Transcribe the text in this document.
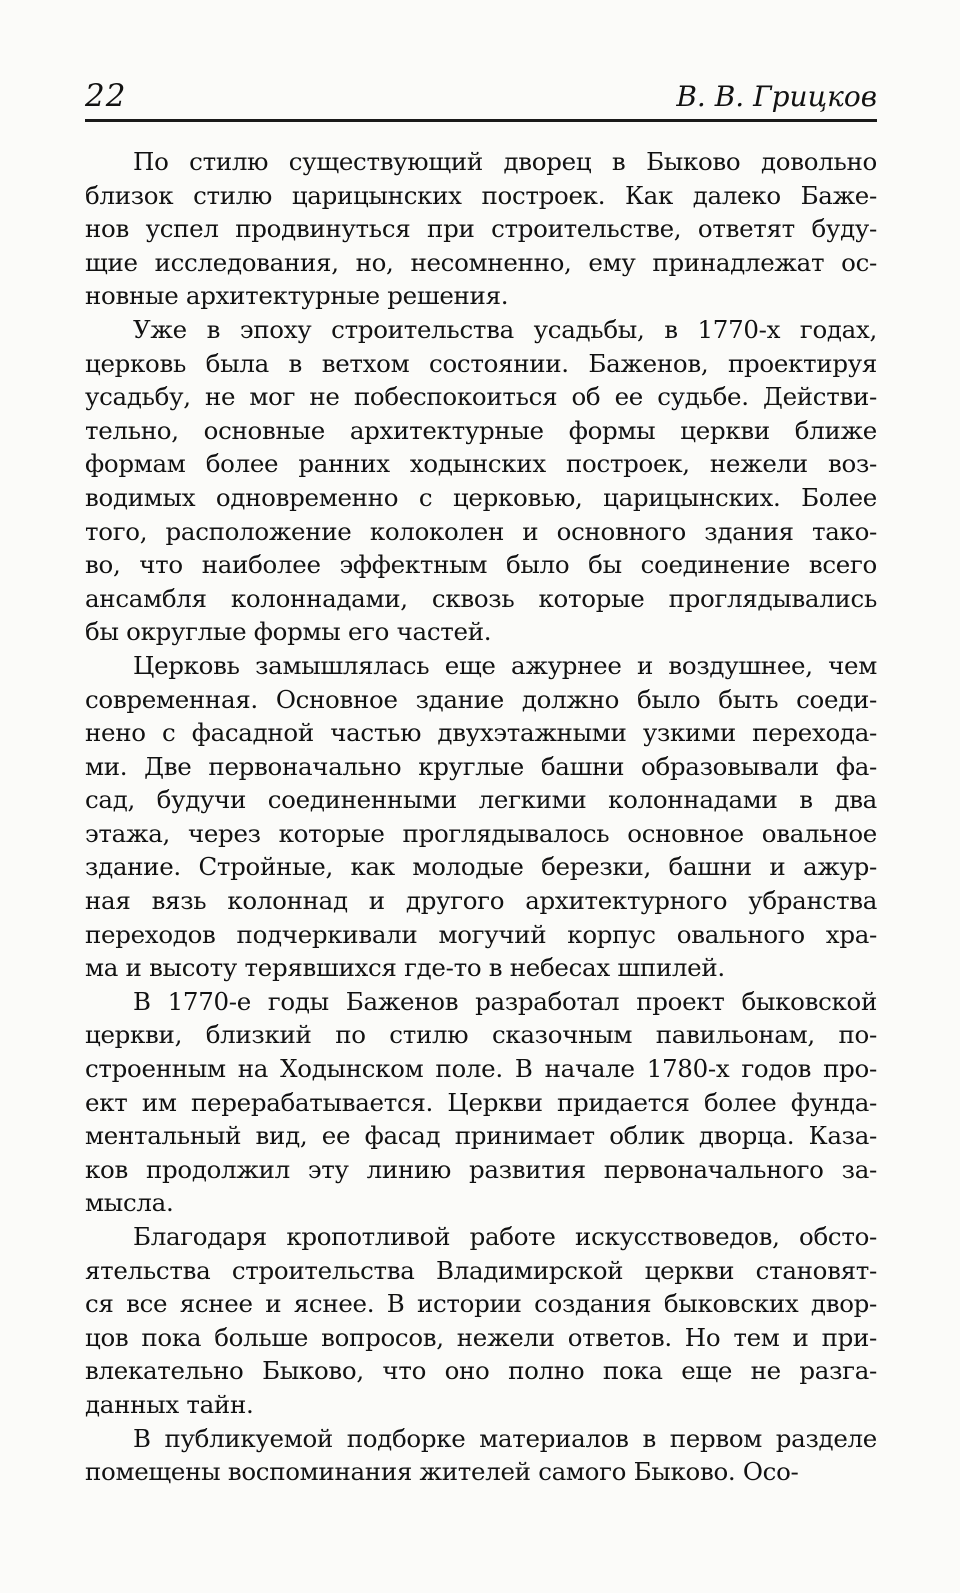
22	В. В. Грицков
По стилю существующий дворец в Быково довольно
близок стилю царицынских построек. Как далеко Баже-
нов успел продвинуться при строительстве, ответят буду-
щие исследования, но, несомненно, ему принадлежат ос-
новные архитектурные решения.
Уже в эпоху строительства усадьбы, в 1770-х годах,
церковь была в ветхом состоянии. Баженов, проектируя
усадьбу, не мог не побеспокоиться об ее судьбе. Действи-
тельно, основные архитектурные формы церкви ближе
формам более ранних ходынских построек, нежели воз-
водимых одновременно с церковью, царицынских. Более
того, расположение колоколен и основного здания тако-
во, что наиболее эффектным было бы соединение всего
ансамбля колоннадами, сквозь которые проглядывались
бы округлые формы его частей.
Церковь замышлялась еще ажурнее и воздушнее, чем
современная. Основное здание должно было быть соеди-
нено с фасадной частью двухэтажными узкими перехода-
ми. Две первоначально круглые башни образовывали фа-
сад, будучи соединенными легкими колоннадами в два
этажа, через которые проглядывалось основное овальное
здание. Стройные, как молодые березки, башни и ажур-
ная вязь колоннад и другого архитектурного убранства
переходов подчеркивали могучий корпус овального хра-
ма и высоту терявшихся где-то в небесах шпилей.
В 1770-е годы Баженов разработал проект быковской
церкви, близкий по стилю сказочным павильонам, по-
строенным на Ходынском поле. В начале 1780-х годов про-
ект им перерабатывается. Церкви придается более фунда-
ментальный вид, ее фасад принимает облик дворца. Каза-
ков продолжил эту линию развития первоначального за-
мысла.
Благодаря кропотливой работе искусствоведов, обсто-
ятельства строительства Владимирской церкви становят-
ся все яснее и яснее. В истории создания быковских двор-
цов пока больше вопросов, нежели ответов. Но тем и при-
влекательно Быково, что оно полно пока еще не разга-
данных тайн.
В публикуемой подборке материалов в первом разделе
помещены воспоминания жителей самого Быково. Осо-
